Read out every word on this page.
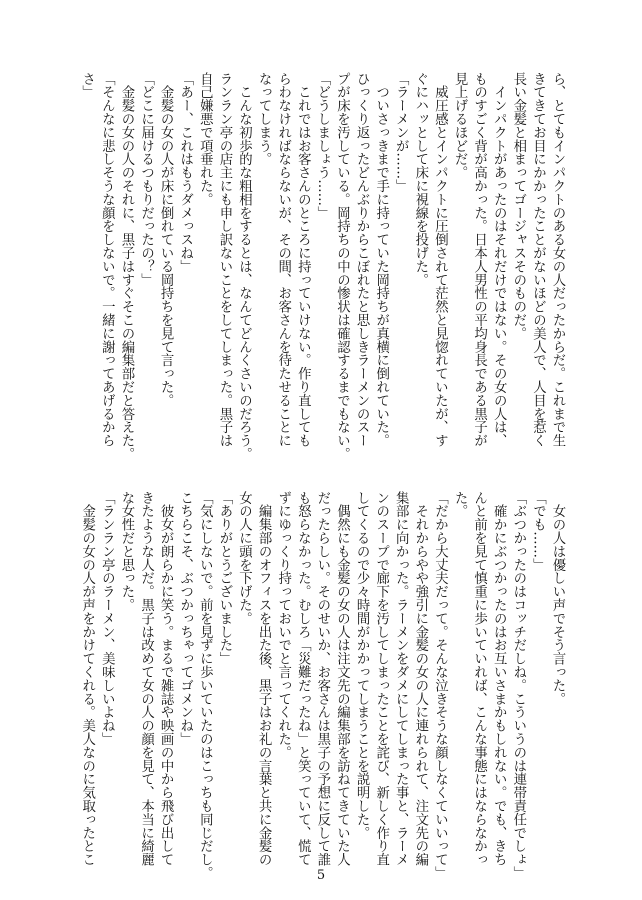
ら、とてもインパクトのある女の人だったからだ。これまで生
きてきてお目にかかったことがないほどの美人で、人目を惹く
長い金髪と相まってゴージャスそのものだ。
　インパクトがあったのはそれだけではない。その女の人は、
ものすごく背が高かった。日本人男性の平均身長である黒子が
見上げるほどだ。
　威圧感とインパクトに圧倒されて茫然と見惚れていたが、す
ぐにハッとして床に視線を投げた。
「ラーメンが……」
　ついさっきまで手に持っていた岡持ちが真横に倒れていた。
ひっくり返ったどんぶりからこぼれたと思しきラーメンのスー
プが床を汚している。岡持ちの中の惨状は確認するまでもない。
「どうしましょう……」
　これではお客さんのところに持っていけない。作り直しても
らわなければならないが、その間、お客さんを待たせることに
なってしまう。
　こんな初歩的な粗相をするとは、なんてどんくさいのだろう。
ランラン亭の店主にも申し訳ないことをしてしまった。黒子は
自己嫌悪で項垂れた。
「あー、これはもうダメっスね」
　金髪の女の人が床に倒れている岡持ちを見て言った。
「どこに届けるつもりだったの？」
　金髪の女の人のそれに、黒子はすぐそこの編集部だと答えた。
「そんなに悲しそうな顔をしないで。一緒に謝ってあげるから
さ」
　女の人は優しい声でそう言った。
「でも……」
「ぶつかったのはコッチだしね。こういうのは連帯責任でしょ」
　確かにぶつかったのはお互いさまかもしれない。でも、きち
んと前を見て慎重に歩いていれば、こんな事態にはならなかっ
た。
「だから大丈夫だって。そんな泣きそうな顔しなくていいって」
　それからやや強引に金髪の女の人に連れられて、注文先の編
集部に向かった。ラーメンをダメにしてしまった事と、ラーメ
ンのスープで廊下を汚してしまったことを詫び、新しく作り直
してくるので少々時間がかかってしまうことを説明した。
　偶然にも金髪の女の人は注文先の編集部を訪ねてきていた人
だったらしい。そのせいか、お客さんは黒子の予想に反して誰
も怒らなかった。むしろ「災難だったね」と笑っていて、慌て
ずにゆっくり持っておいでと言ってくれた。
　編集部のオフィスを出た後、黒子はお礼の言葉と共に金髪の
女の人に頭を下げた。
「ありがとうございました」
「気にしないで。前を見ずに歩いていたのはこっちも同じだし。
こちらこそ、ぶつかっちゃってゴメンね」
　彼女が朗らかに笑う。まるで雑誌や映画の中から飛び出して
きたような人だ。黒子は改めて女の人の顔を見て、本当に綺麗
な女性だと思った。
「ランラン亭のラーメン、美味しいよね」
　金髪の女の人が声をかけてくれる。美人なのに気取ったとこ
5
